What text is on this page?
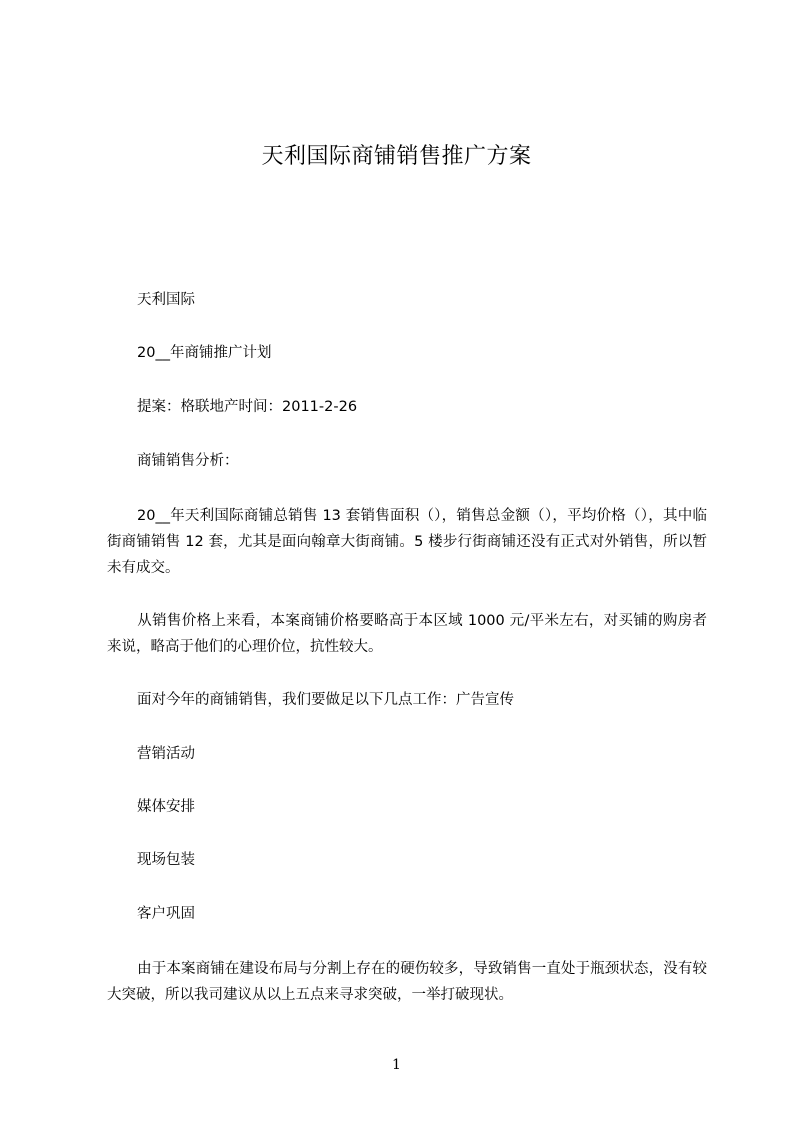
天利国际商铺销售推广方案
天利国际
20__年商铺推广计划
提案：格联地产时间：2011-2-26
商铺销售分析：
20__年天利国际商铺总销售 13 套销售面积（），销售总金额（），平均价格（），其中临街商铺销售 12 套，尤其是面向翰章大街商铺。5 楼步行街商铺还没有正式对外销售，所以暂未有成交。
从销售价格上来看，本案商铺价格要略高于本区域 1000 元/平米左右，对买铺的购房者来说，略高于他们的心理价位，抗性较大。
面对今年的商铺销售，我们要做足以下几点工作：广告宣传
营销活动
媒体安排
现场包装
客户巩固
由于本案商铺在建设布局与分割上存在的硬伤较多，导致销售一直处于瓶颈状态，没有较大突破，所以我司建议从以上五点来寻求突破，一举打破现状。
1
